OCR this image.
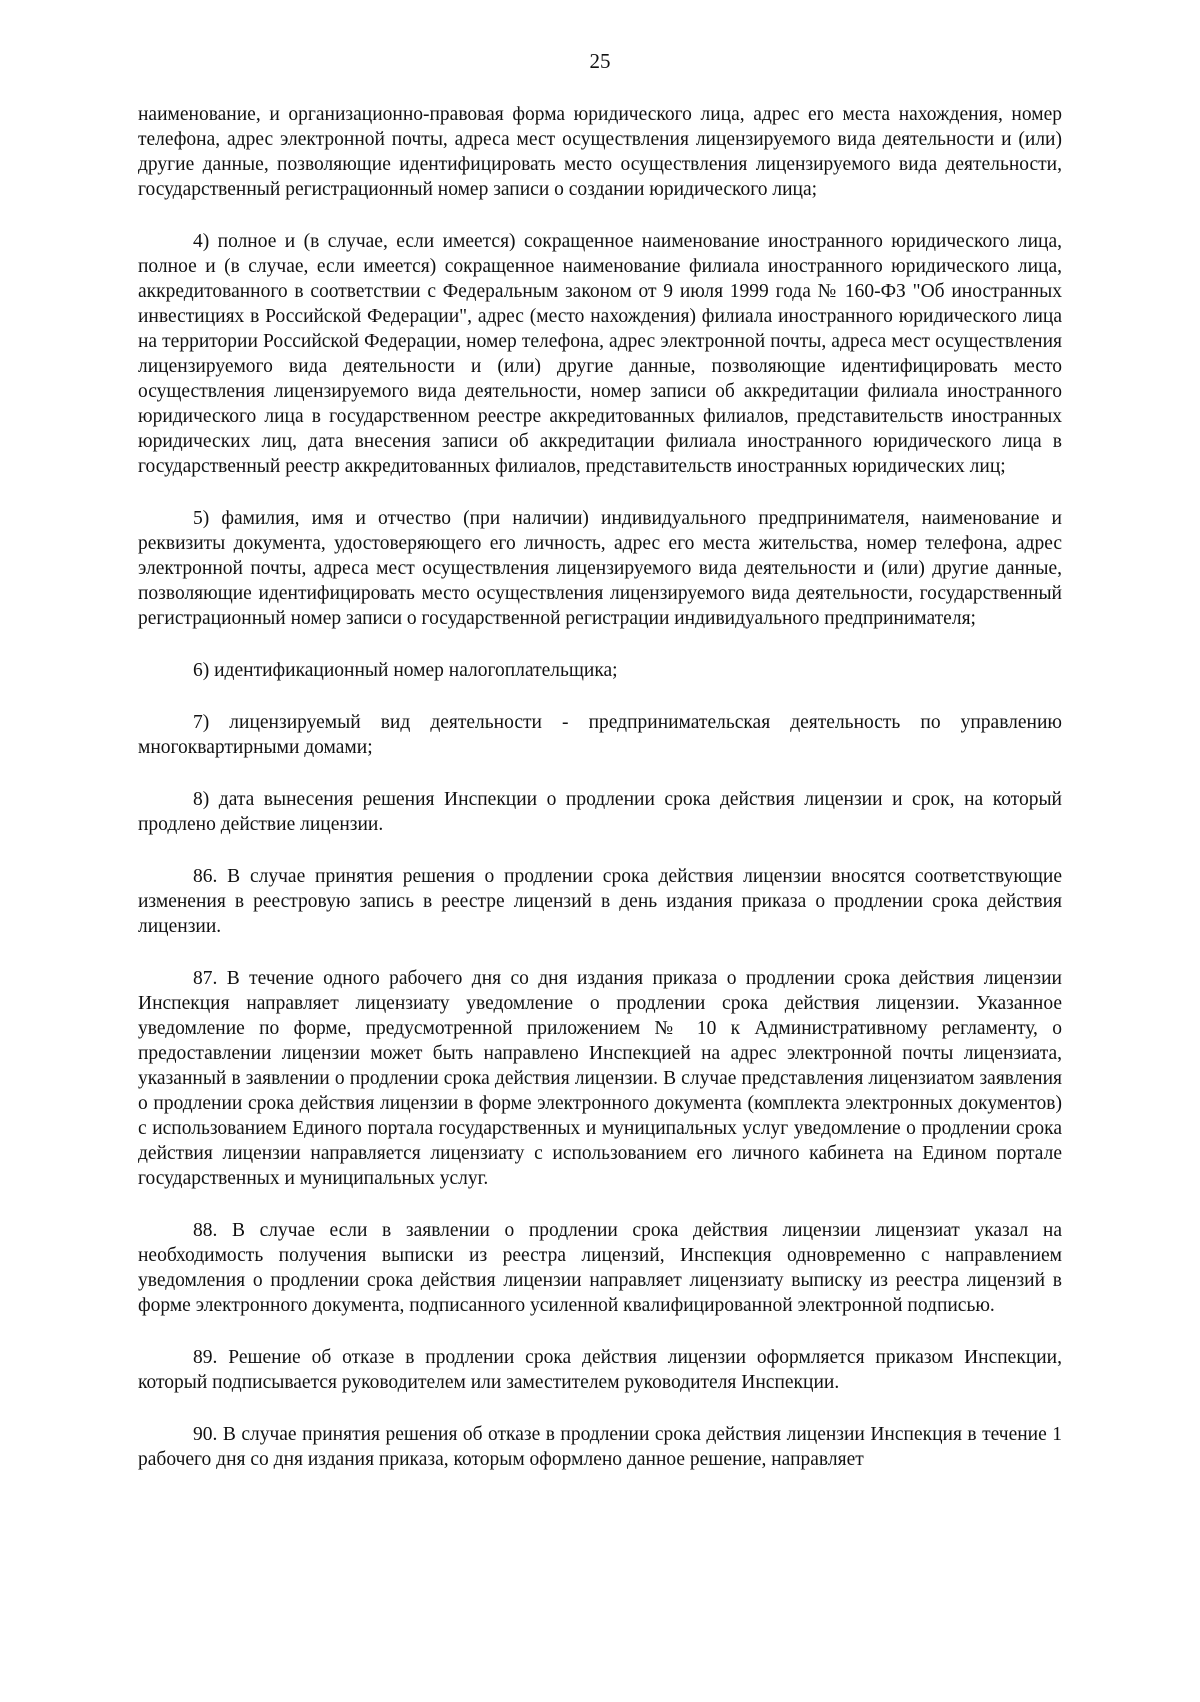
25

наименование, и организационно-правовая форма юридического лица, адрес его места нахождения, номер телефона, адрес электронной почты, адреса мест осуществления лицензируемого вида деятельности и (или) другие данные, позволяющие идентифицировать место осуществления лицензируемого вида деятельности, государственный регистрационный номер записи о создании юридического лица;

4) полное и (в случае, если имеется) сокращенное наименование иностранного юридического лица, полное и (в случае, если имеется) сокращенное наименование филиала иностранного юридического лица, аккредитованного в соответствии с Федеральным законом от 9 июля 1999 года № 160-ФЗ "Об иностранных инвестициях в Российской Федерации", адрес (место нахождения) филиала иностранного юридического лица на территории Российской Федерации, номер телефона, адрес электронной почты, адреса мест осуществления лицензируемого вида деятельности и (или) другие данные, позволяющие идентифицировать место осуществления лицензируемого вида деятельности, номер записи об аккредитации филиала иностранного юридического лица в государственном реестре аккредитованных филиалов, представительств иностранных юридических лиц, дата внесения записи об аккредитации филиала иностранного юридического лица в государственный реестр аккредитованных филиалов, представительств иностранных юридических лиц;

5) фамилия, имя и отчество (при наличии) индивидуального предпринимателя, наименование и реквизиты документа, удостоверяющего его личность, адрес его места жительства, номер телефона, адрес электронной почты, адреса мест осуществления лицензируемого вида деятельности и (или) другие данные, позволяющие идентифицировать место осуществления лицензируемого вида деятельности, государственный регистрационный номер записи о государственной регистрации индивидуального предпринимателя;

6) идентификационный номер налогоплательщика;

7) лицензируемый вид деятельности - предпринимательская деятельность по управлению многоквартирными домами;

8) дата вынесения решения Инспекции о продлении срока действия лицензии и срок, на который продлено действие лицензии.

86. В случае принятия решения о продлении срока действия лицензии вносятся соответствующие изменения в реестровую запись в реестре лицензий в день издания приказа о продлении срока действия лицензии.

87. В течение одного рабочего дня со дня издания приказа о продлении срока действия лицензии Инспекция направляет лицензиату уведомление о продлении срока действия лицензии. Указанное уведомление по форме, предусмотренной приложением № 10 к Административному регламенту, о предоставлении лицензии может быть направлено Инспекцией на адрес электронной почты лицензиата, указанный в заявлении о продлении срока действия лицензии. В случае представления лицензиатом заявления о продлении срока действия лицензии в форме электронного документа (комплекта электронных документов) с использованием Единого портала государственных и муниципальных услуг уведомление о продлении срока действия лицензии направляется лицензиату с использованием его личного кабинета на Едином портале государственных и муниципальных услуг.

88. В случае если в заявлении о продлении срока действия лицензии лицензиат указал на необходимость получения выписки из реестра лицензий, Инспекция одновременно с направлением уведомления о продлении срока действия лицензии направляет лицензиату выписку из реестра лицензий в форме электронного документа, подписанного усиленной квалифицированной электронной подписью.

89. Решение об отказе в продлении срока действия лицензии оформляется приказом Инспекции, который подписывается руководителем или заместителем руководителя Инспекции.

90. В случае принятия решения об отказе в продлении срока действия лицензии Инспекция в течение 1 рабочего дня со дня издания приказа, которым оформлено данное решение, направляет
